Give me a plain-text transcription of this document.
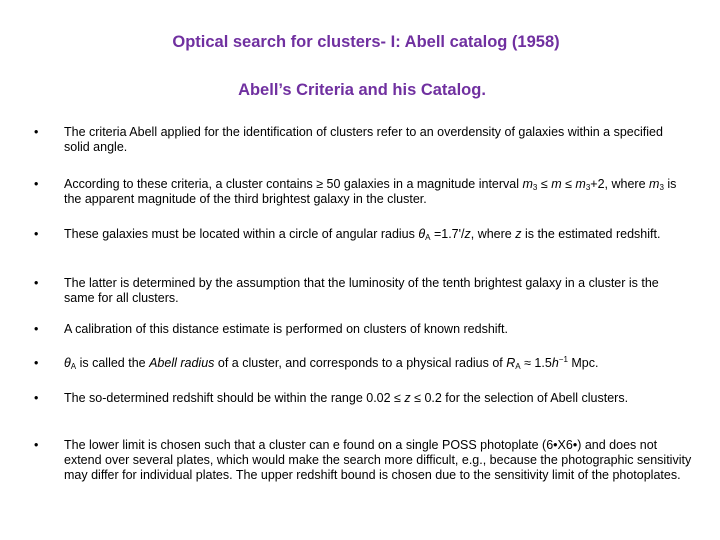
Optical search for clusters- I: Abell catalog (1958)
Abell’s Criteria and his Catalog.
• The criteria Abell applied for the identification of clusters refer to an overdensity of galaxies within a specified solid angle.
• According to these criteria, a cluster contains ≥ 50 galaxies in a magnitude interval $m_3 \le m \le m_3+2$, where $m_3$ is the apparent magnitude of the third brightest galaxy in the cluster.
• These galaxies must be located within a circle of angular radius $\theta_A =1.7'/z$, where z is the estimated redshift.
• The latter is determined by the assumption that the luminosity of the tenth brightest galaxy in a cluster is the same for all clusters.
• A calibration of this distance estimate is performed on clusters of known redshift.
• $\theta_A$ is called the Abell radius of a cluster, and corresponds to a physical radius of $R_A \approx 1.5h^{-1}$ Mpc.
• The so-determined redshift should be within the range 0.02 ≤ z ≤ 0.2 for the selection of Abell clusters.
• The lower limit is chosen such that a cluster can e found on a single POSS photoplate (6•X6•) and does not extend over several plates, which would make the search more difficult, e.g., because the photographic sensitivity may differ for individual plates. The upper redshift bound is chosen due to the sensitivity limit of the photoplates.
